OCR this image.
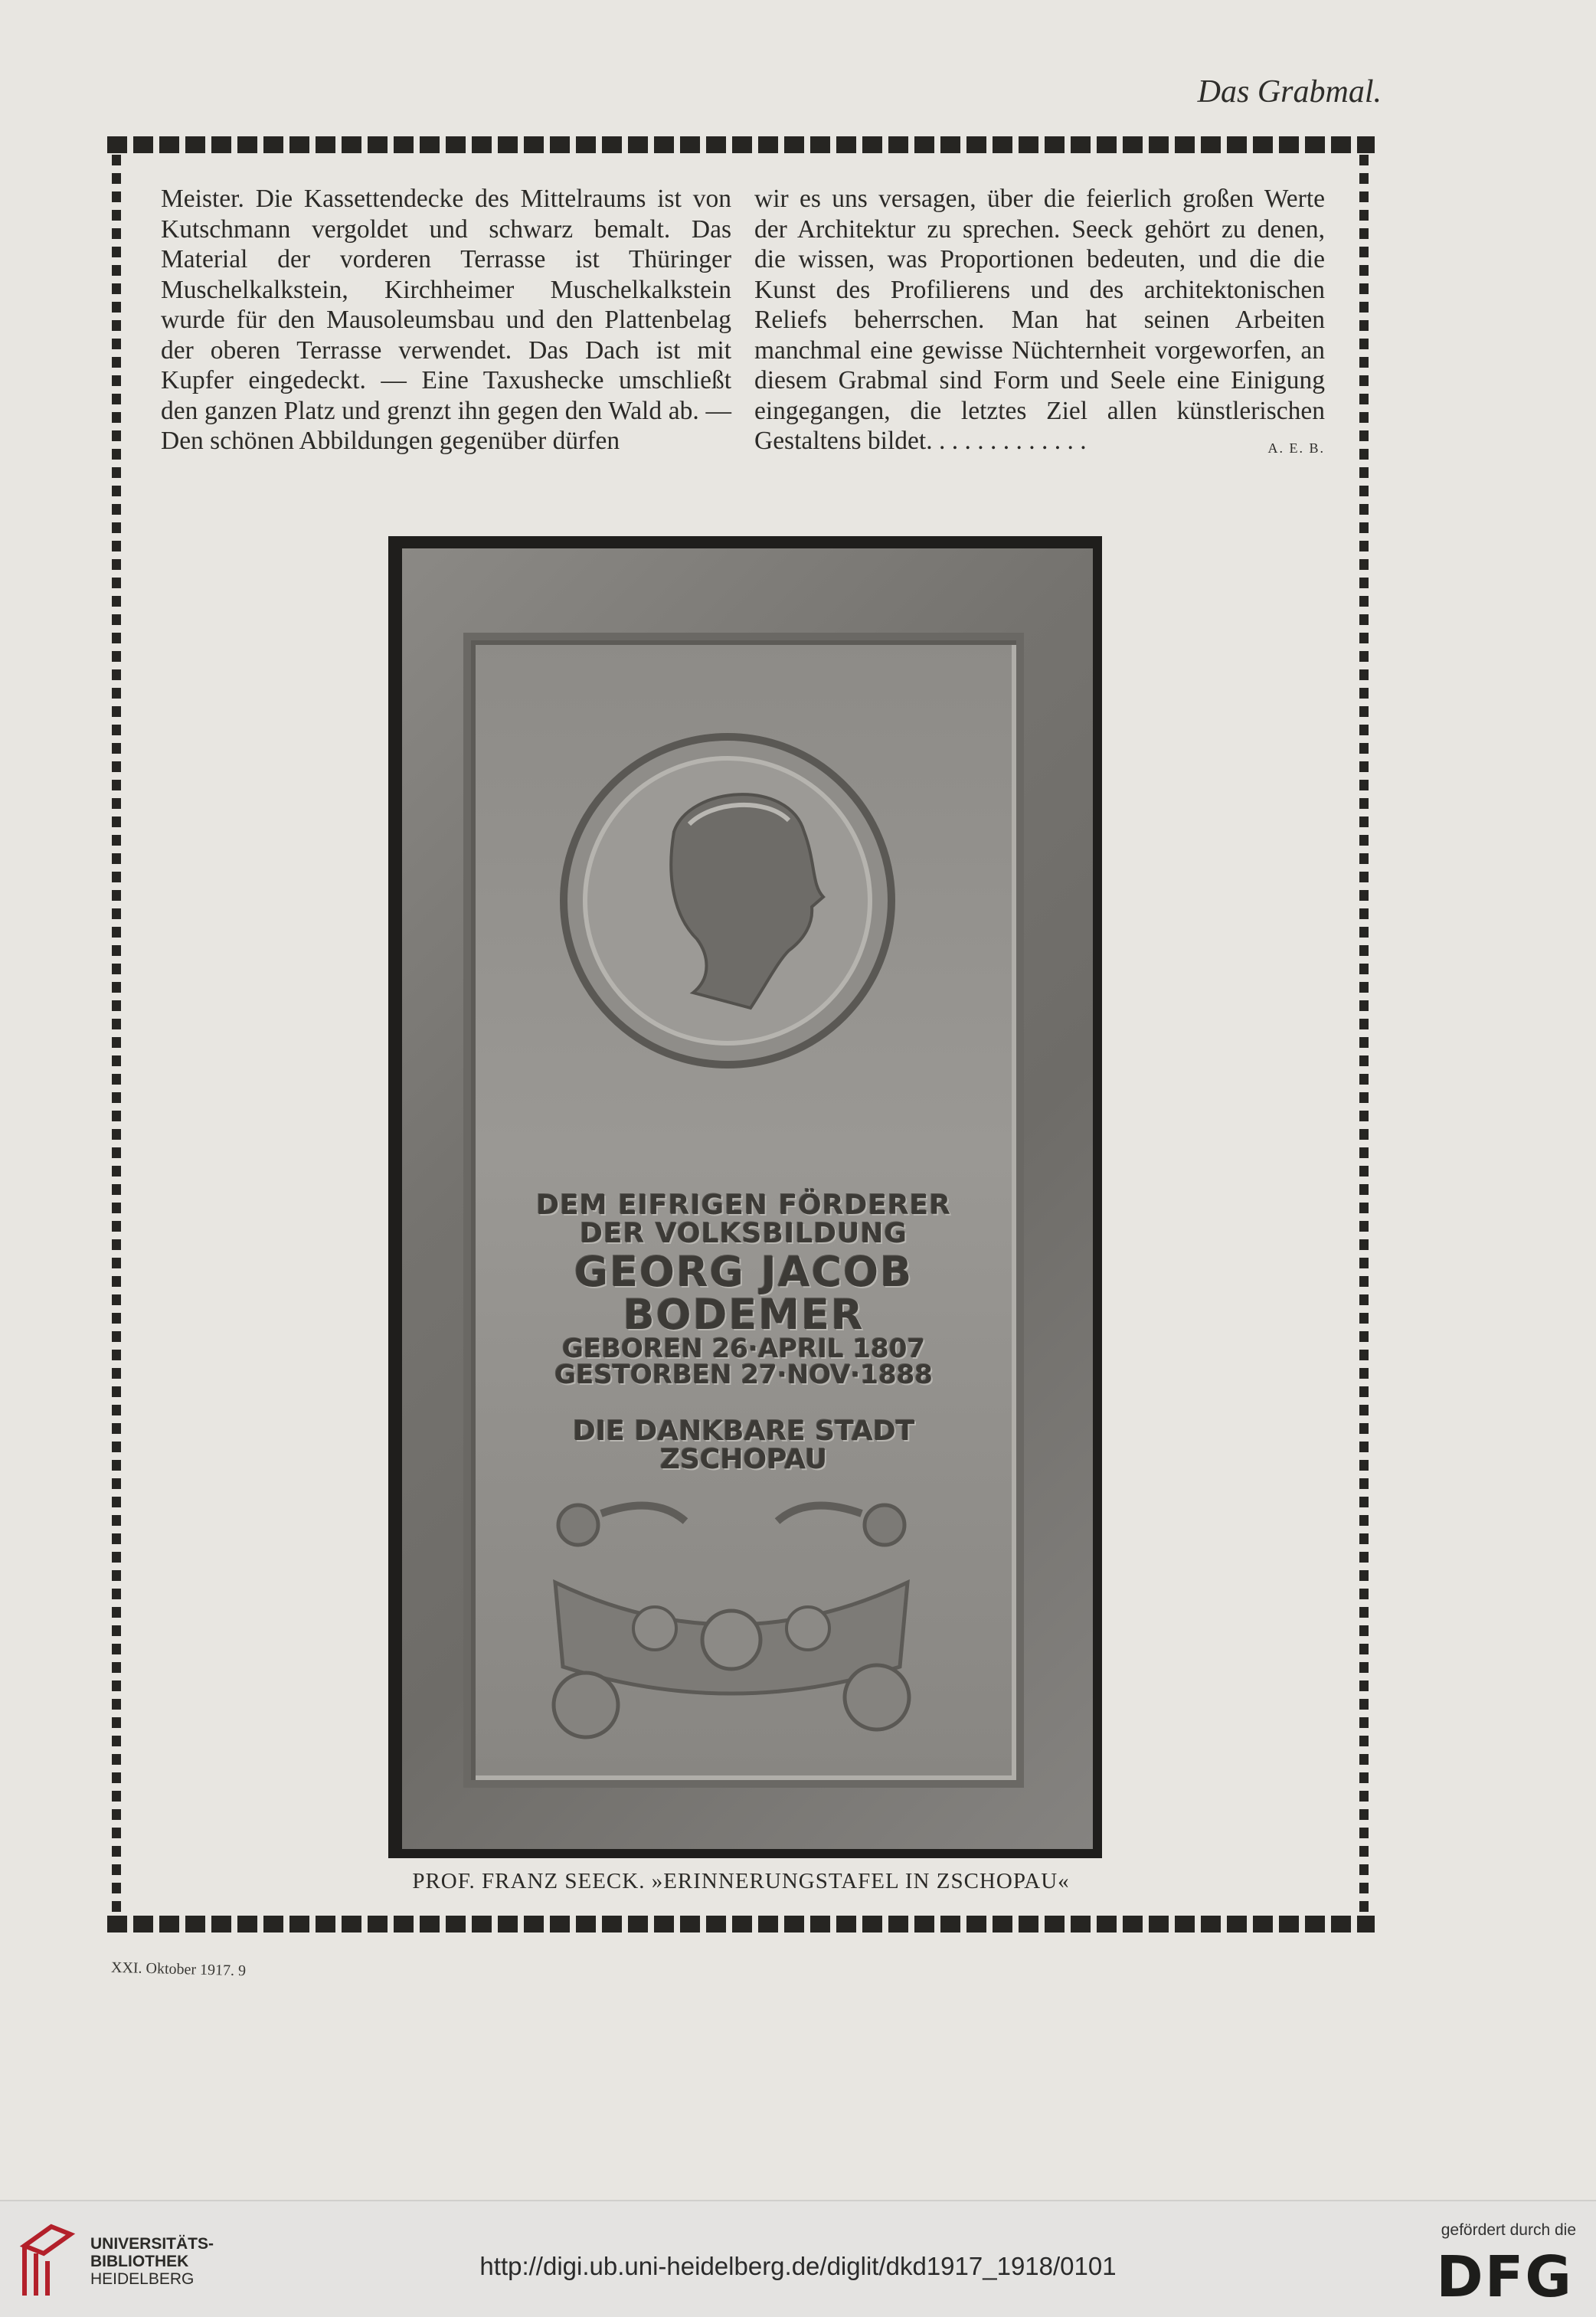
Das Grabmal.

Meister. Die Kassettendecke des Mittelraums ist von Kutschmann vergoldet und schwarz bemalt. Das Material der vorderen Terrasse ist Thüringer Muschelkalkstein, Kirchheimer Muschelkalkstein wurde für den Mausoleumsbau und den Plattenbelag der oberen Terrasse verwendet. Das Dach ist mit Kupfer eingedeckt. — Eine Taxushecke umschließt den ganzen Platz und grenzt ihn gegen den Wald ab. — Den schönen Abbildungen gegenüber dürfen

wir es uns versagen, über die feierlich großen Werte der Architektur zu sprechen. Seeck gehört zu denen, die wissen, was Proportionen bedeuten, und die die Kunst des Profilierens und des architektonischen Reliefs beherrschen. Man hat seinen Arbeiten manchmal eine gewisse Nüchternheit vorgeworfen, an diesem Grabmal sind Form und Seele eine Einigung eingegangen, die letztes Ziel allen künstlerischen Gestaltens bildet. . . . . . . . . . . . .	A. E. B.

DEM EIFRIGEN FÖRDERER
DER VOLKSBILDUNG
GEORG JACOB
BODEMER
GEBOREN 26·APRIL 1807
GESTORBEN 27·NOV·1888
DIE DANKBARE STADT
ZSCHOPAU
PROF. FRANZ SEECK. »ERINNERUNGSTAFEL IN ZSCHOPAU«
XXI. Oktober 1917. 9
UNIVERSITÄTS-
BIBLIOTHEK
HEIDELBERG	http://digi.ub.uni-heidelberg.de/diglit/dkd1917_1918/0101
gefördert durch die
DFG
